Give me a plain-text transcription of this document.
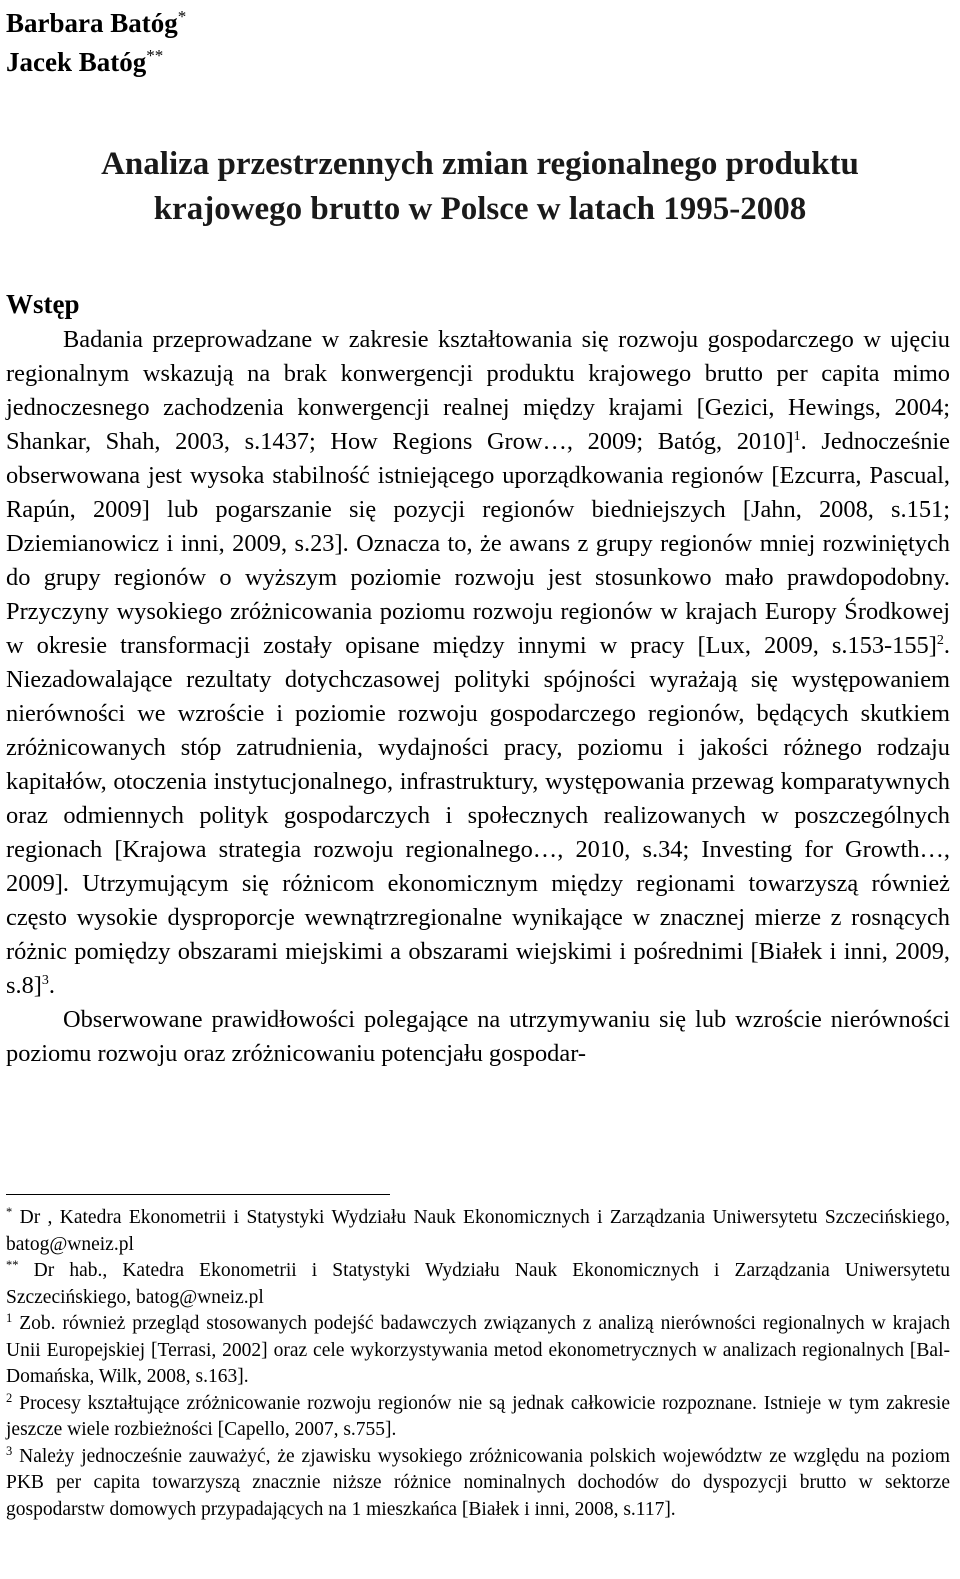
Barbara Batóg*
Jacek Batóg**
Analiza przestrzennych zmian regionalnego produktu
krajowego brutto w Polsce w latach 1995-2008
Wstęp

Badania przeprowadzane w zakresie kształtowania się rozwoju gospodarczego w ujęciu regionalnym wskazują na brak konwergencji produktu krajowego brutto per capita mimo jednoczesnego zachodzenia konwergencji realnej między krajami [Gezici, Hewings, 2004; Shankar, Shah, 2003, s.1437; How Regions Grow…, 2009; Batóg, 2010]$^1$. Jednocześnie obserwowana jest wysoka stabilność istniejącego uporządkowania regionów [Ezcurra, Pascual, Rapún, 2009] lub pogarszanie się pozycji regionów biedniejszych [Jahn, 2008, s.151; Dziemianowicz i inni, 2009, s.23]. Oznacza to, że awans z grupy regionów mniej rozwiniętych do grupy regionów o wyższym poziomie rozwoju jest stosunkowo mało prawdopodobny. Przyczyny wysokiego zróżnicowania poziomu rozwoju regionów w krajach Europy Środkowej w okresie transformacji zostały opisane między innymi w pracy [Lux, 2009, s.153-155]$^2$. Niezadowalające rezultaty dotychczasowej polityki spójności wyrażają się występowaniem nierówności we wzroście i poziomie rozwoju gospodarczego regionów, będących skutkiem zróżnicowanych stóp zatrudnienia, wydajności pracy, poziomu i jakości różnego rodzaju kapitałów, otoczenia instytucjonalnego, infrastruktury, występowania przewag komparatywnych oraz odmiennych polityk gospodarczych i społecznych realizowanych w poszczególnych regionach [Krajowa strategia rozwoju regionalnego…, 2010, s.34; Investing for Growth…, 2009]. Utrzymującym się różnicom ekonomicznym między regionami towarzyszą również często wysokie dysproporcje wewnątrzregionalne wynikające w znacznej mierze z rosnących różnic pomiędzy obszarami miejskimi a obszarami wiejskimi i pośrednimi [Białek i inni, 2009, s.8]$^3$.

Obserwowane prawidłowości polegające na utrzymywaniu się lub wzroście nierówności poziomu rozwoju oraz zróżnicowaniu potencjału gospodar-

* Dr , Katedra Ekonometrii i Statystyki Wydziału Nauk Ekonomicznych i Zarządzania Uniwersytetu Szczecińskiego, batog@wneiz.pl

** Dr hab., Katedra Ekonometrii i Statystyki Wydziału Nauk Ekonomicznych i Zarządzania Uniwersytetu Szczecińskiego, batog@wneiz.pl

$^1$ Zob. również przegląd stosowanych podejść badawczych związanych z analizą nierówności regionalnych w krajach Unii Europejskiej [Terrasi, 2002] oraz cele wykorzystywania metod ekonometrycznych w analizach regionalnych [Bal-Domańska, Wilk, 2008, s.163].

$^2$ Procesy kształtujące zróżnicowanie rozwoju regionów nie są jednak całkowicie rozpoznane. Istnieje w tym zakresie jeszcze wiele rozbieżności [Capello, 2007, s.755].

$^3$ Należy jednocześnie zauważyć, że zjawisku wysokiego zróżnicowania polskich województw ze względu na poziom PKB per capita towarzyszą znacznie niższe różnice nominalnych dochodów do dyspozycji brutto w sektorze gospodarstw domowych przypadających na 1 mieszkańca [Białek i inni, 2008, s.117].
